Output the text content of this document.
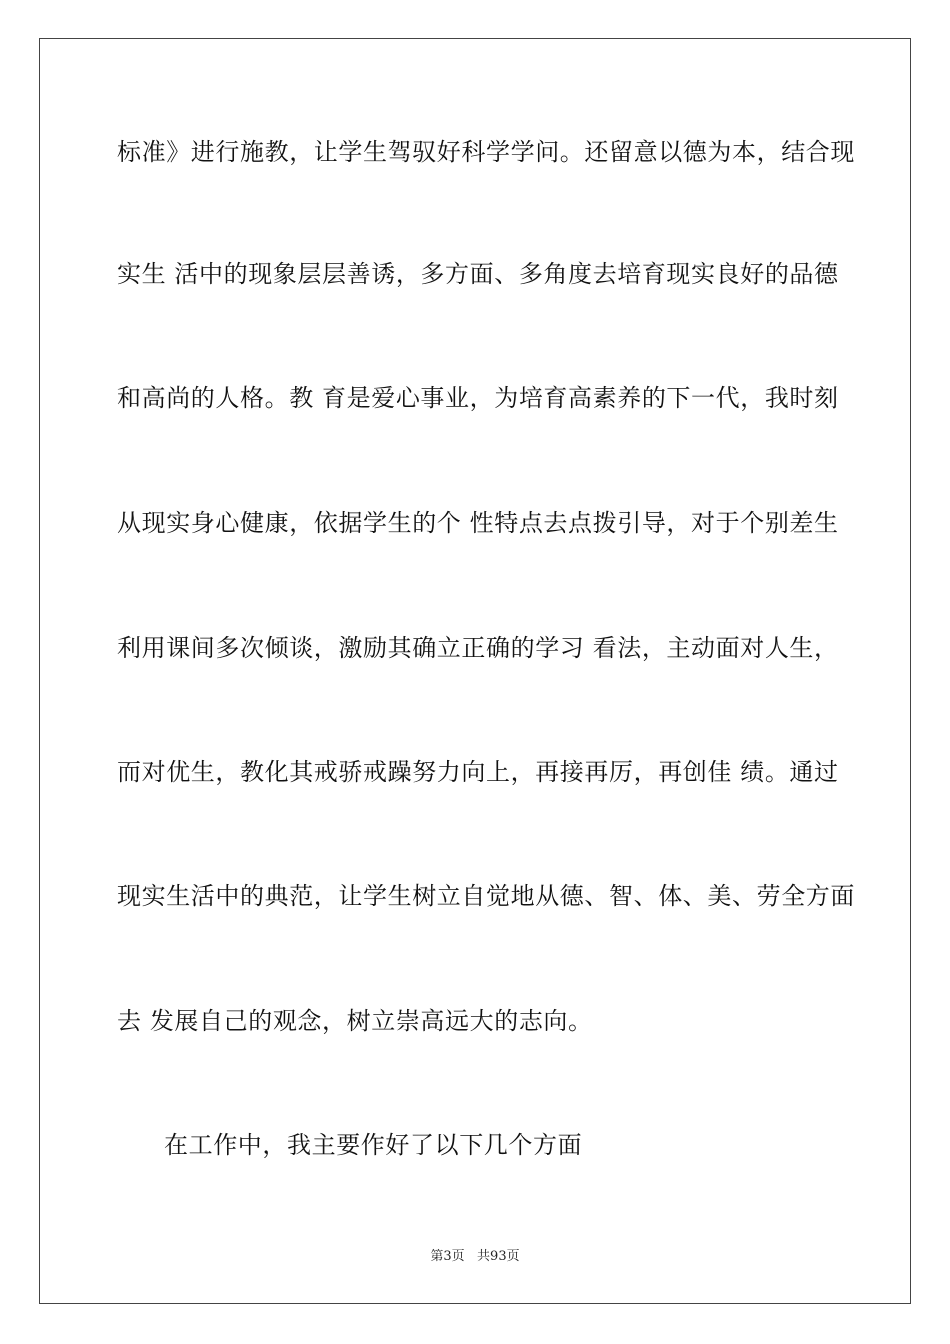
标准》进行施教，让学生驾驭好科学学问。还留意以德为本，结合现
实生 活中的现象层层善诱，多方面、多角度去培育现实良好的品德
和高尚的人格。教 育是爱心事业，为培育高素养的下一代，我时刻
从现实身心健康，依据学生的个 性特点去点拨引导，对于个别差生
利用课间多次倾谈，激励其确立正确的学习 看法，主动面对人生，
而对优生，教化其戒骄戒躁努力向上，再接再厉，再创佳 绩。通过
现实生活中的典范，让学生树立自觉地从德、智、体、美、劳全方面
去 发展自己的观念，树立崇高远大的志向。
在工作中，我主要作好了以下几个方面
第3页   共93页
